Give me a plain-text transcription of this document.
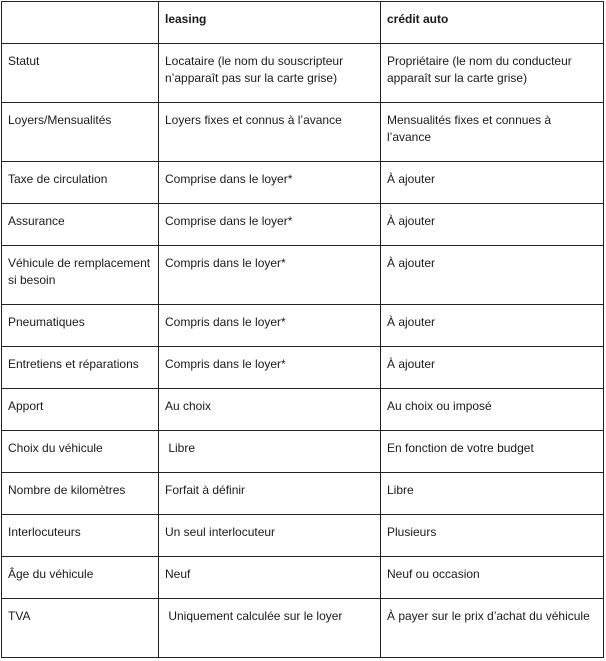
	leasing	crédit auto
Statut	Locataire (le nom du souscripteur n’apparaît pas sur la carte grise)	Propriétaire (le nom du conducteur apparaît sur la carte grise)
Loyers/Mensualités	Loyers fixes et connus à l’avance	Mensualités fixes et connues à l’avance
Taxe de circulation	Comprise dans le loyer*	À ajouter
Assurance	Comprise dans le loyer*	À ajouter
Véhicule de remplacement si besoin	Compris dans le loyer*	À ajouter
Pneumatiques	Compris dans le loyer*	À ajouter
Entretiens et réparations	Compris dans le loyer*	À ajouter
Apport	Au choix	Au choix ou imposé
Choix du véhicule	Libre	En fonction de votre budget
Nombre de kilomètres	Forfait à définir	Libre
Interlocuteurs	Un seul interlocuteur	Plusieurs
Âge du véhicule	Neuf	Neuf ou occasion
TVA	Uniquement calculée sur le loyer	À payer sur le prix d’achat du véhicule
